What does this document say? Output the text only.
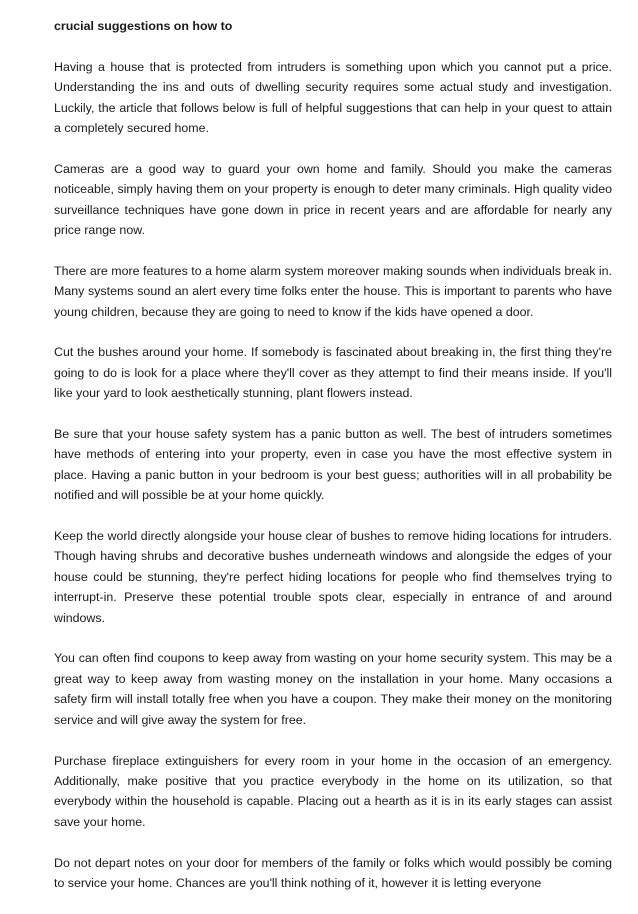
crucial suggestions on how to

Having a house that is protected from intruders is something upon which you cannot put a price. Understanding the ins and outs of dwelling security requires some actual study and investigation. Luckily, the article that follows below is full of helpful suggestions that can help in your quest to attain a completely secured home.

Cameras are a good way to guard your own home and family. Should you make the cameras noticeable, simply having them on your property is enough to deter many criminals. High quality video surveillance techniques have gone down in price in recent years and are affordable for nearly any price range now.

There are more features to a home alarm system moreover making sounds when individuals break in. Many systems sound an alert every time folks enter the house. This is important to parents who have young children, because they are going to need to know if the kids have opened a door.

Cut the bushes around your home. If somebody is fascinated about breaking in, the first thing they're going to do is look for a place where they'll cover as they attempt to find their means inside. If you'll like your yard to look aesthetically stunning, plant flowers instead.

Be sure that your house safety system has a panic button as well. The best of intruders sometimes have methods of entering into your property, even in case you have the most effective system in place. Having a panic button in your bedroom is your best guess; authorities will in all probability be notified and will possible be at your home quickly.

Keep the world directly alongside your house clear of bushes to remove hiding locations for intruders. Though having shrubs and decorative bushes underneath windows and alongside the edges of your house could be stunning, they're perfect hiding locations for people who find themselves trying to interrupt-in. Preserve these potential trouble spots clear, especially in entrance of and around windows.

You can often find coupons to keep away from wasting on your home security system. This may be a great way to keep away from wasting money on the installation in your home. Many occasions a safety firm will install totally free when you have a coupon. They make their money on the monitoring service and will give away the system for free.

Purchase fireplace extinguishers for every room in your home in the occasion of an emergency. Additionally, make positive that you practice everybody in the home on its utilization, so that everybody within the household is capable. Placing out a hearth as it is in its early stages can assist save your home.

Do not depart notes on your door for members of the family or folks which would possibly be coming to service your home. Chances are you'll think nothing of it, however it is letting everyone
